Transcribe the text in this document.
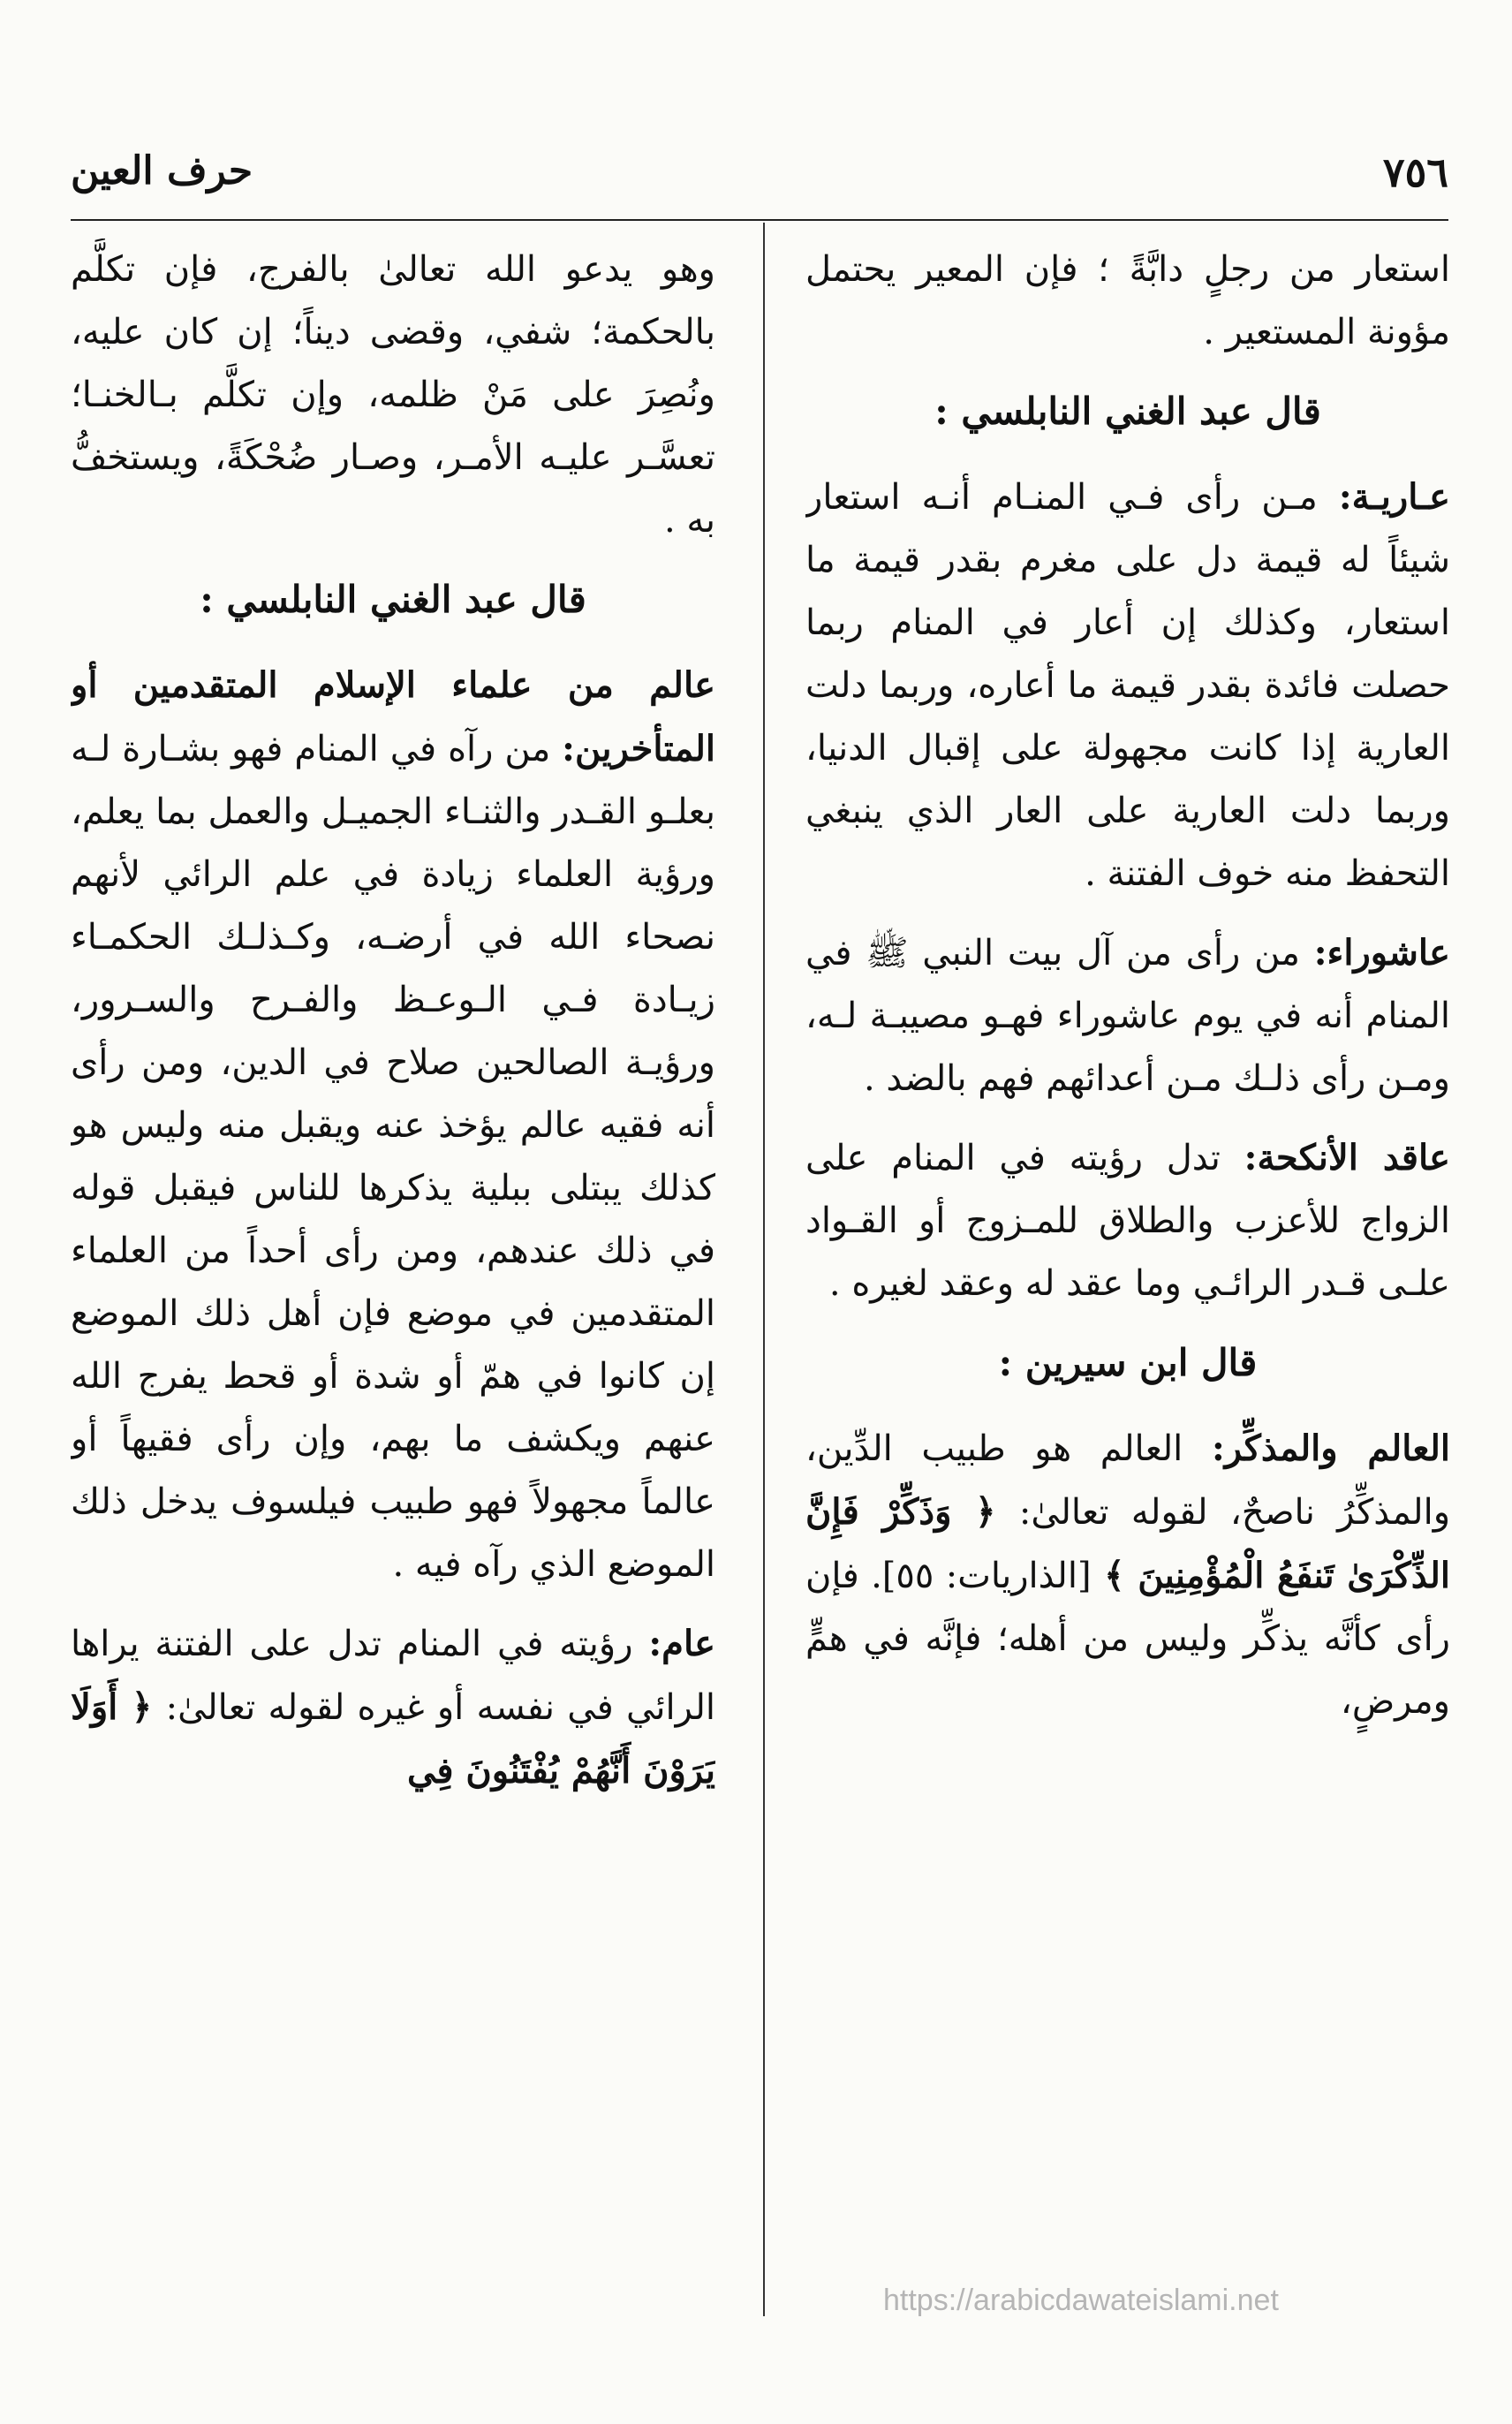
٧٥٦
حرف العين

استعار من رجلٍ دابَّةً ؛ فإن المعير يحتمل مؤونة المستعير .

قال عبد الغني النابلسي :

عـاريـة: مـن رأى فـي المنـام أنـه استعار شيئاً له قيمة دل على مغرم بقدر قيمة ما استعار، وكذلك إن أعار في المنام ربما حصلت فائدة بقدر قيمة ما أعاره، وربما دلت العارية إذا كانت مجهولة على إقبال الدنيا، وربما دلت العارية على العار الذي ينبغي التحفظ منه خوف الفتنة .

عاشوراء: من رأى من آل بيت النبي ﷺ في المنام أنه في يوم عاشوراء فهـو مصيبـة لـه، ومـن رأى ذلـك مـن أعدائهم فهم بالضد .

عاقد الأنكحة: تدل رؤيته في المنام على الزواج للأعزب والطلاق للمـزوج أو القـواد علـى قـدر الرائـي وما عقد له وعقد لغيره .

قال ابن سيرين :

العالم والمذكِّر: العالم هو طبيب الدِّين، والمذكِّرُ ناصحٌ، لقوله تعالىٰ: ﴿ وَذَكِّرْ فَإِنَّ الذِّكْرَىٰ تَنفَعُ الْمُؤْمِنِينَ ﴾ [الذاريات: ٥٥]. فإن رأى كأنَّه يذكِّر وليس من أهله؛ فإنَّه في همٍّ ومرضٍ،

وهو يدعو الله تعالىٰ بالفرج، فإن تكلَّم بالحكمة؛ شفي، وقضى ديناً؛ إن كان عليه، ونُصِرَ على مَنْ ظلمه، وإن تكلَّم بـالخنـا؛ تعسَّـر عليـه الأمـر، وصـار ضُحْكَةً، ويستخفُّ به .

قال عبد الغني النابلسي :

عالم من علماء الإسلام المتقدمين أو المتأخرين: من رآه في المنام فهو بشـارة لـه بعلـو القـدر والثنـاء الجميـل والعمل بما يعلم، ورؤية العلماء زيادة في علم الرائي لأنهم نصحاء الله في أرضـه، وكـذلـك الحكمـاء زيـادة فـي الـوعـظ والفـرح والسـرور، ورؤيـة الصالحين صلاح في الدين، ومن رأى أنه فقيه عالم يؤخذ عنه ويقبل منه وليس هو كذلك يبتلى ببلية يذكرها للناس فيقبل قوله في ذلك عندهم، ومن رأى أحداً من العلماء المتقدمين في موضع فإن أهل ذلك الموضع إن كانوا في همّ أو شدة أو قحط يفرج الله عنهم ويكشف ما بهم، وإن رأى فقيهاً أو عالماً مجهولاً فهو طبيب فيلسوف يدخل ذلك الموضع الذي رآه فيه .

عام: رؤيته في المنام تدل على الفتنة يراها الرائي في نفسه أو غيره لقوله تعالىٰ: ﴿ أَوَلَا يَرَوْنَ أَنَّهُمْ يُفْتَنُونَ فِي

https://arabicdawateislami.net
